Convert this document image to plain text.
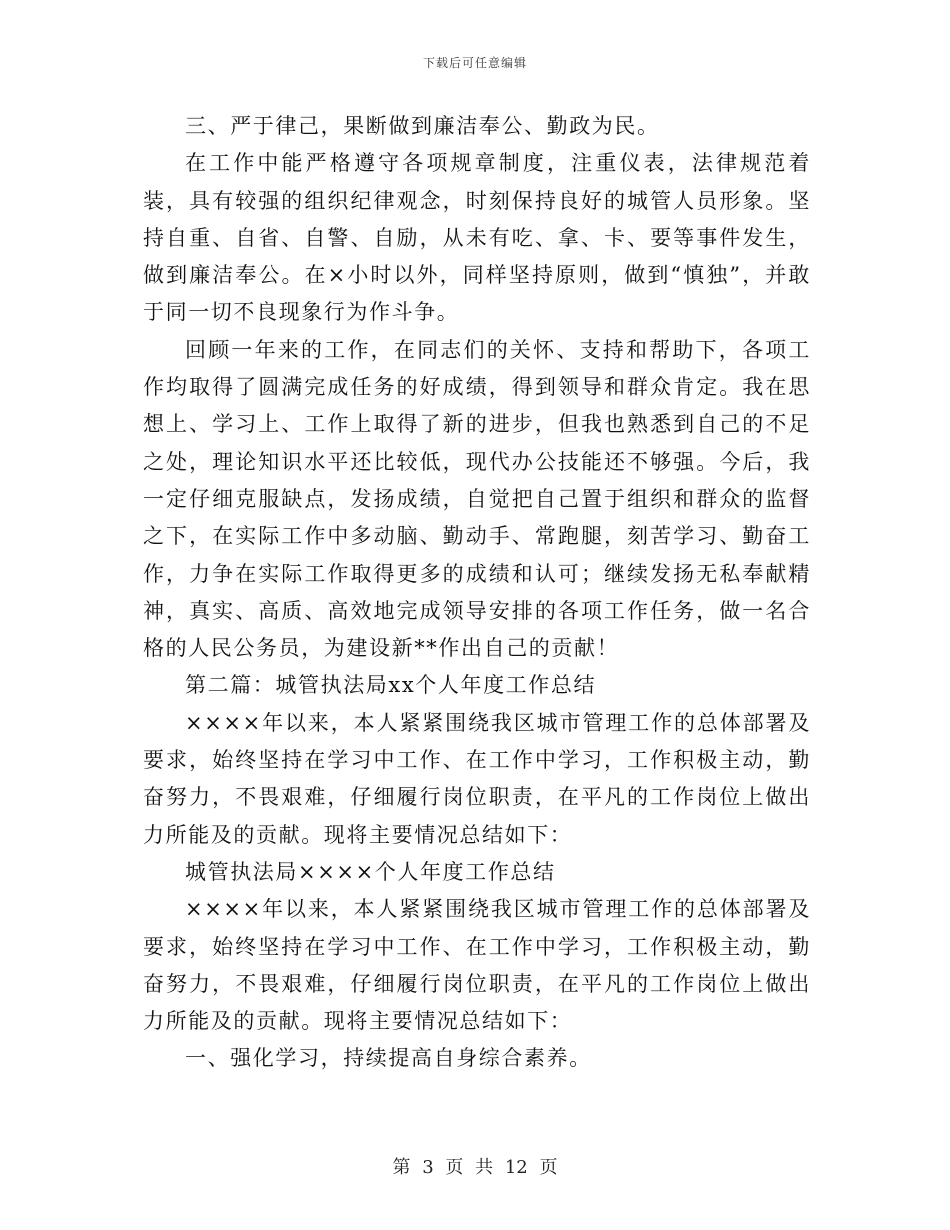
下载后可任意编辑

三、严于律己，果断做到廉洁奉公、勤政为民。

在工作中能严格遵守各项规章制度，注重仪表，法律规范着装，具有较强的组织纪律观念，时刻保持良好的城管人员形象。坚持自重、自省、自警、自励，从未有吃、拿、卡、要等事件发生，做到廉洁奉公。在×小时以外，同样坚持原则，做到“慎独”，并敢于同一切不良现象行为作斗争。

回顾一年来的工作，在同志们的关怀、支持和帮助下，各项工作均取得了圆满完成任务的好成绩，得到领导和群众肯定。我在思想上、学习上、工作上取得了新的进步，但我也熟悉到自己的不足之处，理论知识水平还比较低，现代办公技能还不够强。今后，我一定仔细克服缺点，发扬成绩，自觉把自己置于组织和群众的监督之下，在实际工作中多动脑、勤动手、常跑腿，刻苦学习、勤奋工作，力争在实际工作取得更多的成绩和认可；继续发扬无私奉献精神，真实、高质、高效地完成领导安排的各项工作任务，做一名合格的人民公务员，为建设新**作出自己的贡献！

第二篇：城管执法局xx个人年度工作总结

××××年以来，本人紧紧围绕我区城市管理工作的总体部署及要求，始终坚持在学习中工作、在工作中学习，工作积极主动，勤奋努力，不畏艰难，仔细履行岗位职责，在平凡的工作岗位上做出力所能及的贡献。现将主要情况总结如下：

城管执法局××××个人年度工作总结

××××年以来，本人紧紧围绕我区城市管理工作的总体部署及要求，始终坚持在学习中工作、在工作中学习，工作积极主动，勤奋努力，不畏艰难，仔细履行岗位职责，在平凡的工作岗位上做出力所能及的贡献。现将主要情况总结如下：

一、强化学习，持续提高自身综合素养。

第 3 页 共 12 页
